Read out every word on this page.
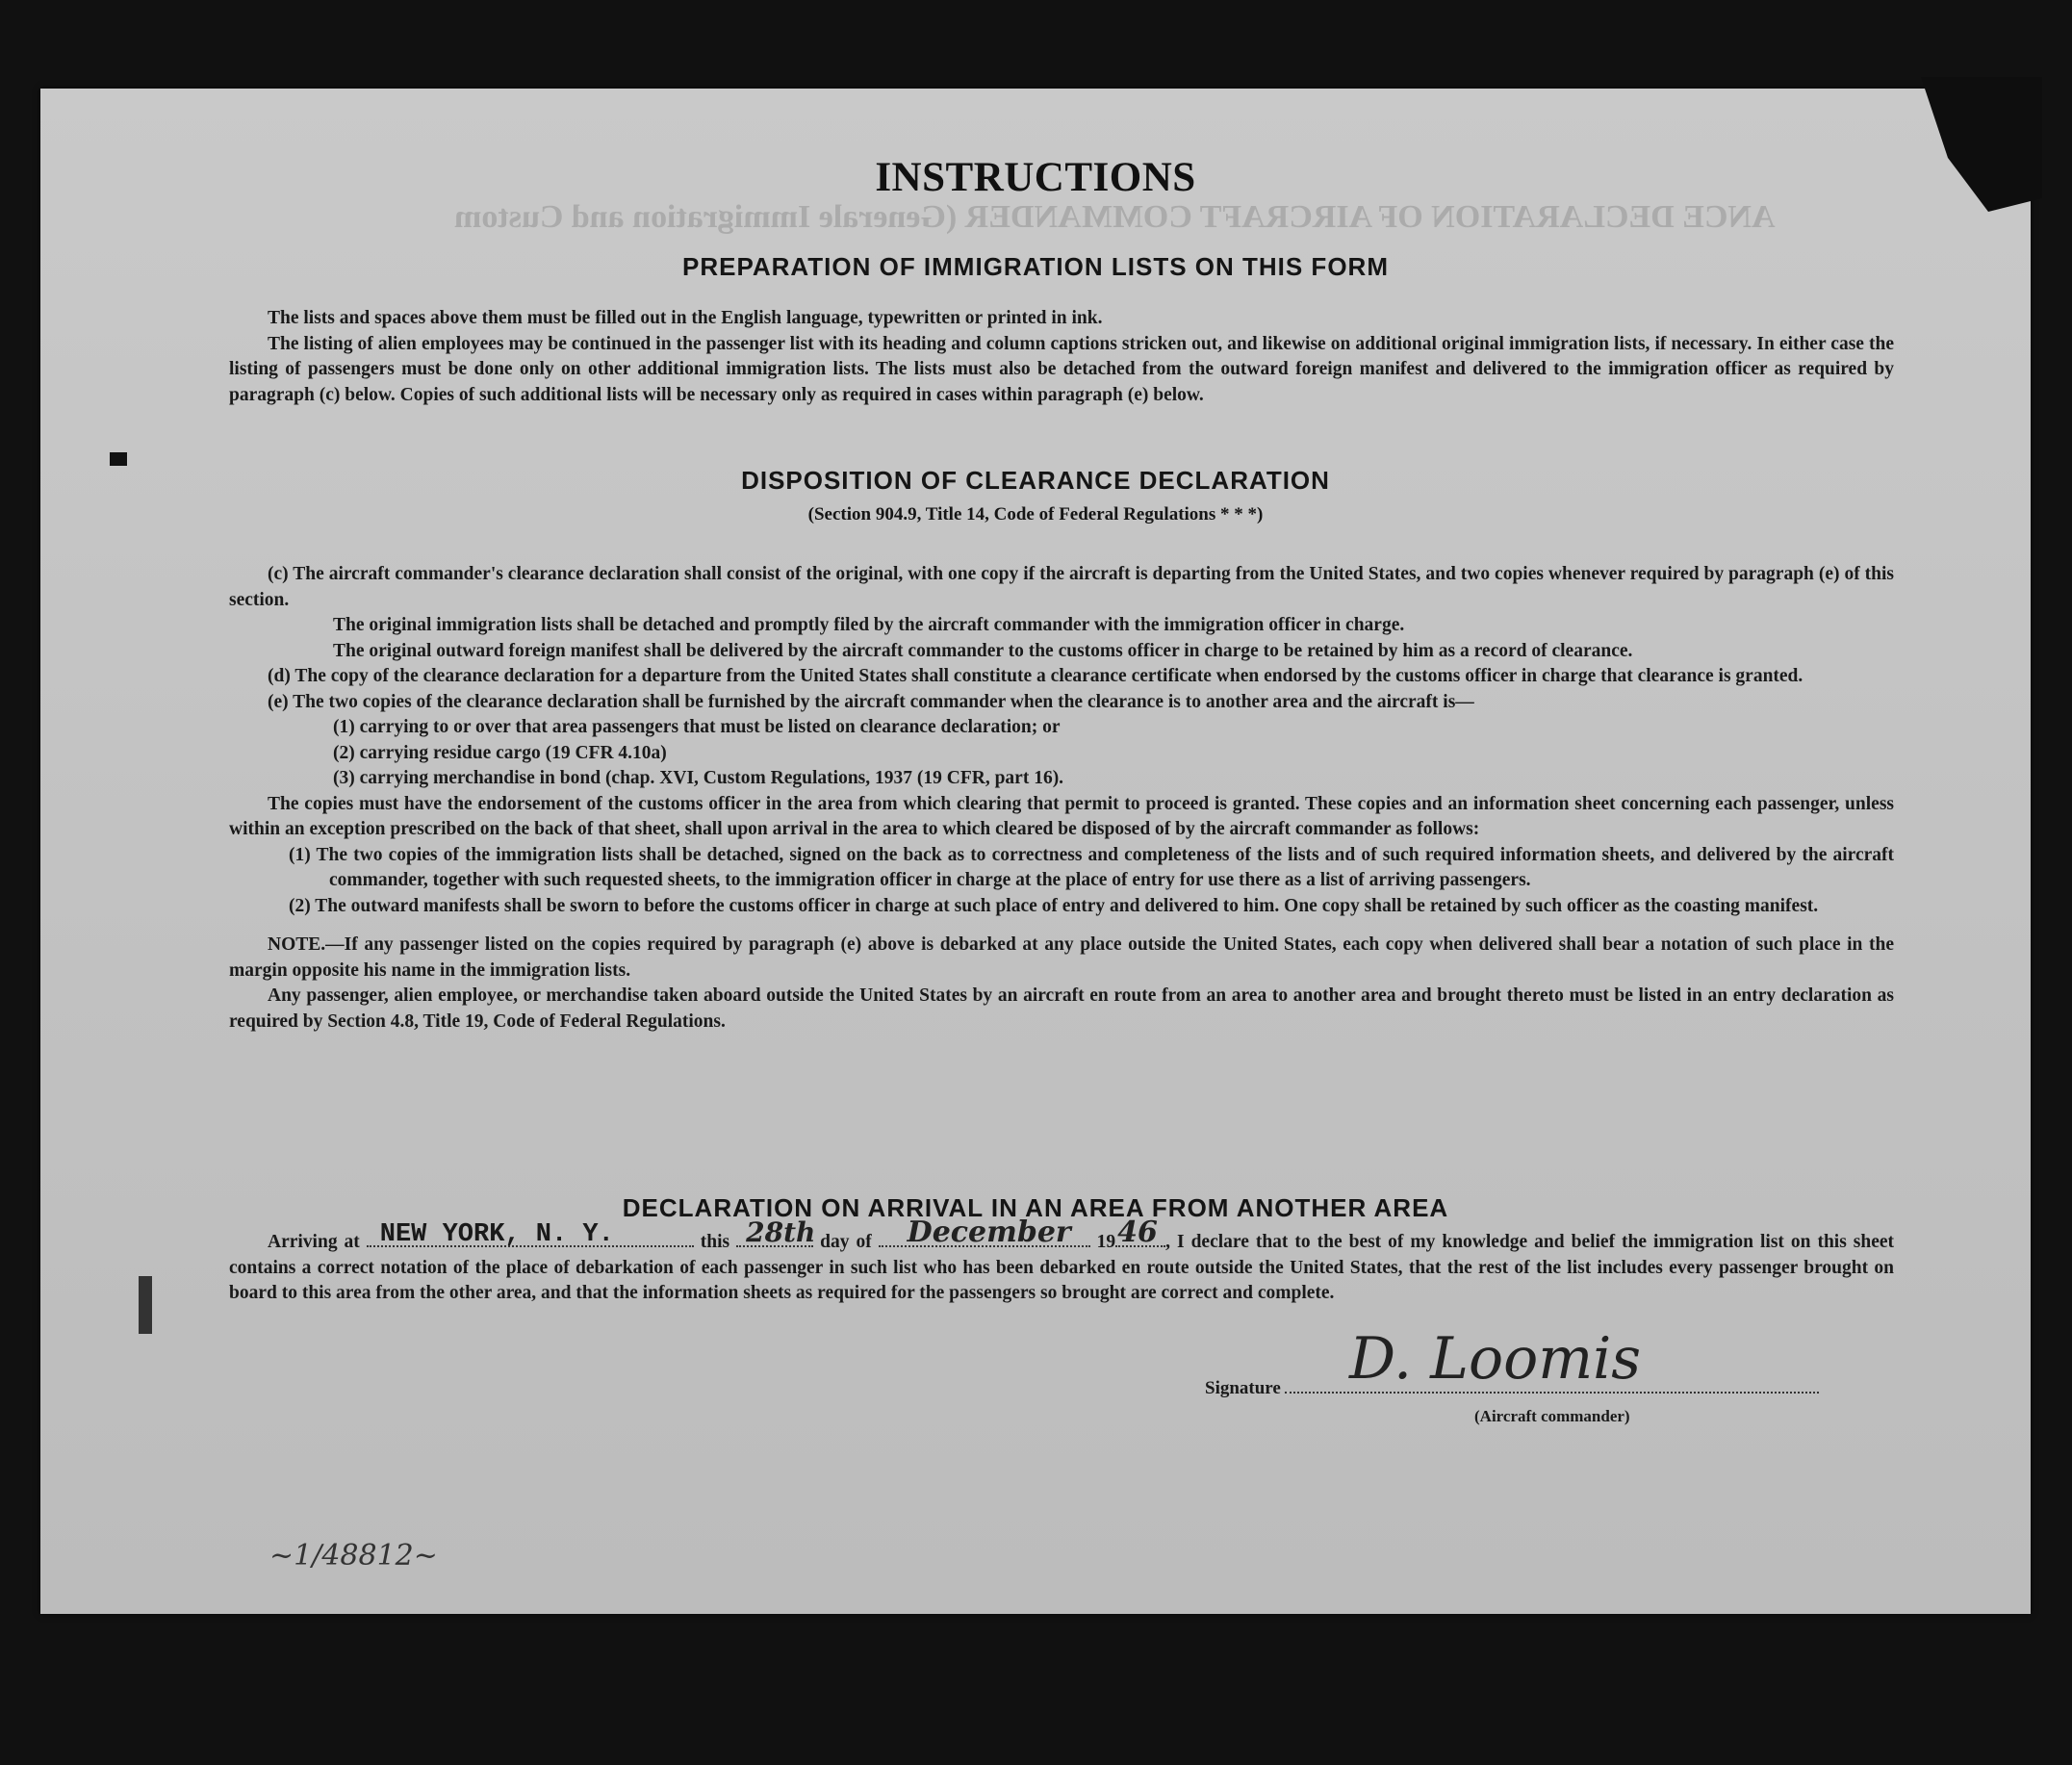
ANCE DECLARATION OF AIRCRAFT COMMANDER (Generale Immigration and Custom
INSTRUCTIONS
PREPARATION OF IMMIGRATION LISTS ON THIS FORM

The lists and spaces above them must be filled out in the English language, typewritten or printed in ink.

The listing of alien employees may be continued in the passenger list with its heading and column captions stricken out, and likewise on additional original immigration lists, if necessary. In either case the listing of passengers must be done only on other additional immigration lists. The lists must also be detached from the outward foreign manifest and delivered to the immigration officer as required by paragraph (c) below. Copies of such additional lists will be necessary only as required in cases within paragraph (e) below.

DISPOSITION OF CLEARANCE DECLARATION
(Section 904.9, Title 14, Code of Federal Regulations * * *)

(c) The aircraft commander's clearance declaration shall consist of the original, with one copy if the aircraft is departing from the United States, and two copies whenever required by paragraph (e) of this section.

The original immigration lists shall be detached and promptly filed by the aircraft commander with the immigration officer in charge.

The original outward foreign manifest shall be delivered by the aircraft commander to the customs officer in charge to be retained by him as a record of clearance.

(d) The copy of the clearance declaration for a departure from the United States shall constitute a clearance certificate when endorsed by the customs officer in charge that clearance is granted.

(e) The two copies of the clearance declaration shall be furnished by the aircraft commander when the clearance is to another area and the aircraft is—

(1) carrying to or over that area passengers that must be listed on clearance declaration; or

(2) carrying residue cargo (19 CFR 4.10a)

(3) carrying merchandise in bond (chap. XVI, Custom Regulations, 1937 (19 CFR, part 16).

The copies must have the endorsement of the customs officer in the area from which clearing that permit to proceed is granted. These copies and an information sheet concerning each passenger, unless within an exception prescribed on the back of that sheet, shall upon arrival in the area to which cleared be disposed of by the aircraft commander as follows:

(1) The two copies of the immigration lists shall be detached, signed on the back as to correctness and completeness of the lists and of such required information sheets, and delivered by the aircraft commander, together with such requested sheets, to the immigration officer in charge at the place of entry for use there as a list of arriving passengers.

(2) The outward manifests shall be sworn to before the customs officer in charge at such place of entry and delivered to him. One copy shall be retained by such officer as the coasting manifest.

NOTE.—If any passenger listed on the copies required by paragraph (e) above is debarked at any place outside the United States, each copy when delivered shall bear a notation of such place in the margin opposite his name in the immigration lists.

Any passenger, alien employee, or merchandise taken aboard outside the United States by an aircraft en route from an area to another area and brought thereto must be listed in an entry declaration as required by Section 4.8, Title 19, Code of Federal Regulations.

DECLARATION ON ARRIVAL IN AN AREA FROM ANOTHER AREA
Arriving at NEW YORK, N. Y.	this 28th day of December 19 46 , I declare that to the best of my knowledge and belief the immigration list on this sheet contains a correct notation of the place of debarkation of each passenger in such list who has been debarked en route outside the United States, that the rest of the list includes every passenger brought on board to this area from the other area, and that the information sheets as required for the passengers so brought are correct and complete.
Signature	D. Loomis
(Aircraft commander)
~1/48812~
